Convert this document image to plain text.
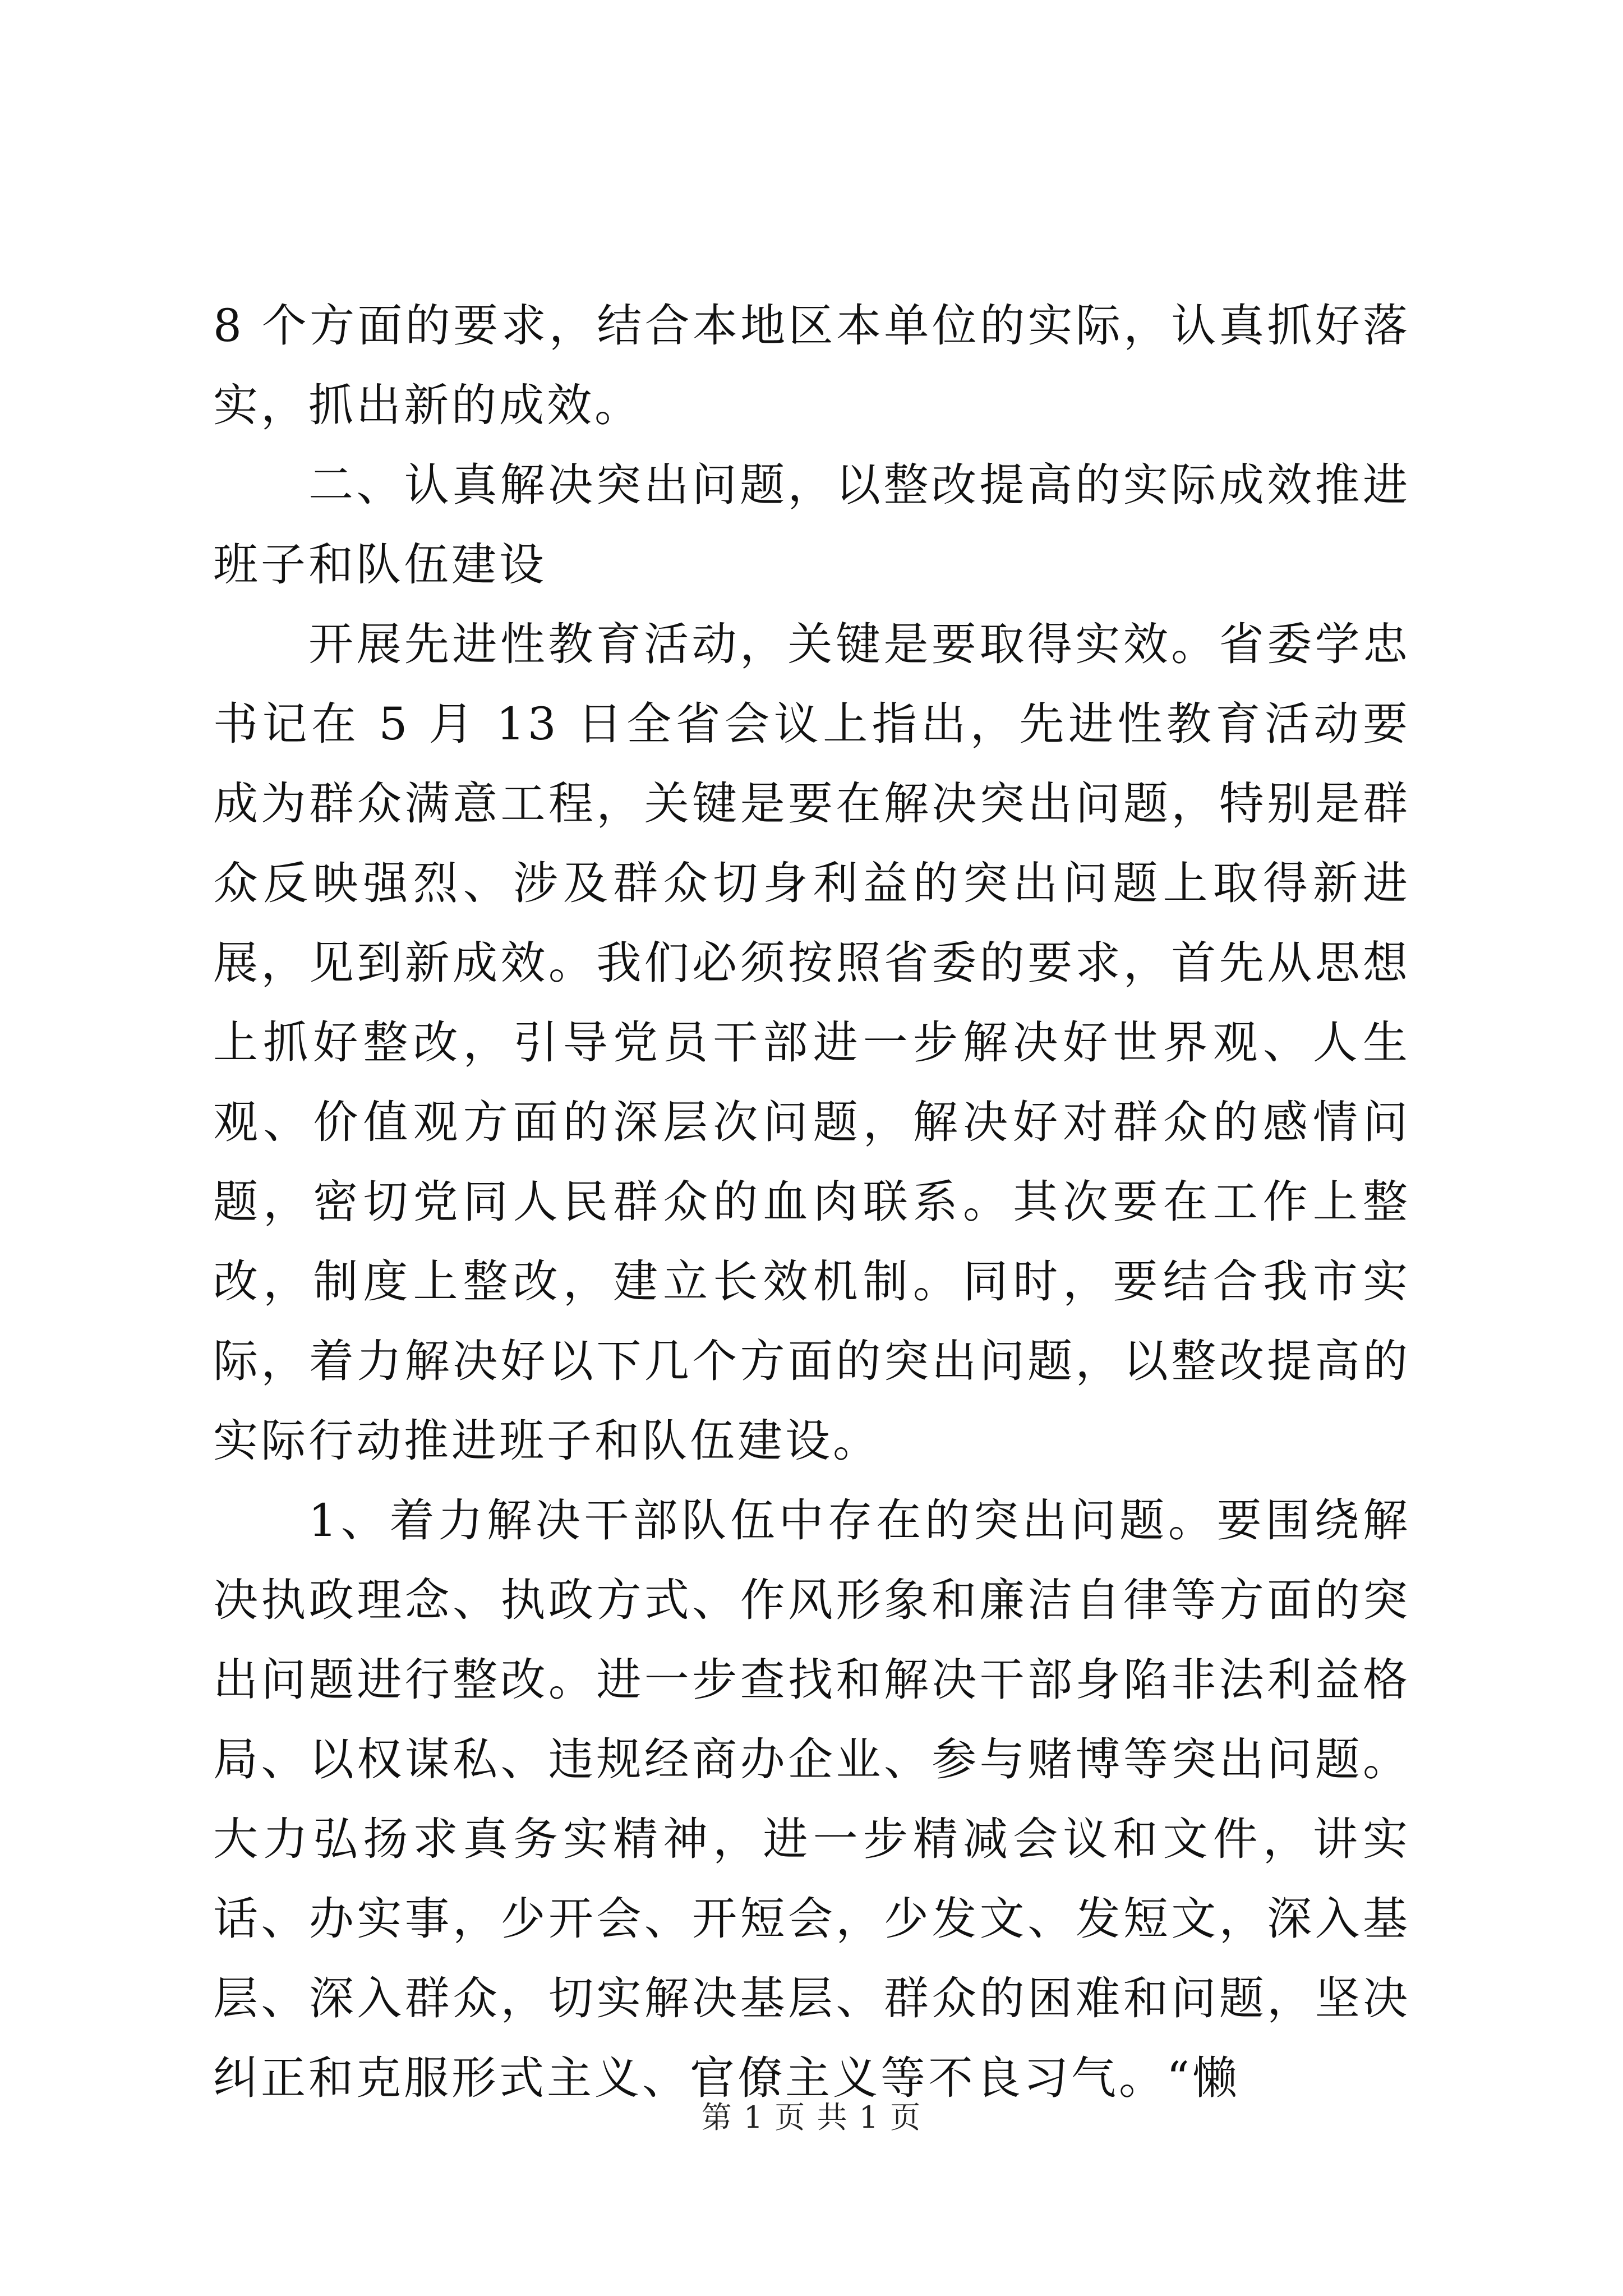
8 个方面的要求，结合本地区本单位的实际，认真抓好落实，抓出新的成效。

二、认真解决突出问题，以整改提高的实际成效推进班子和队伍建设

开展先进性教育活动，关键是要取得实效。省委学忠书记在 5 月 13 日全省会议上指出，先进性教育活动要成为群众满意工程，关键是要在解决突出问题，特别是群众反映强烈、涉及群众切身利益的突出问题上取得新进展，见到新成效。我们必须按照省委的要求，首先从思想上抓好整改，引导党员干部进一步解决好世界观、人生观、价值观方面的深层次问题，解决好对群众的感情问题，密切党同人民群众的血肉联系。其次要在工作上整改，制度上整改，建立长效机制。同时，要结合我市实际，着力解决好以下几个方面的突出问题，以整改提高的实际行动推进班子和队伍建设。

1、着力解决干部队伍中存在的突出问题。要围绕解决执政理念、执政方式、作风形象和廉洁自律等方面的突出问题进行整改。进一步查找和解决干部身陷非法利益格局、以权谋私、违规经商办企业、参与赌博等突出问题。大力弘扬求真务实精神，进一步精减会议和文件，讲实话、办实事，少开会、开短会，少发文、发短文，深入基层、深入群众，切实解决基层、群众的困难和问题，坚决纠正和克服形式主义、官僚主义等不良习气。“懒

第 1 页 共 1 页
